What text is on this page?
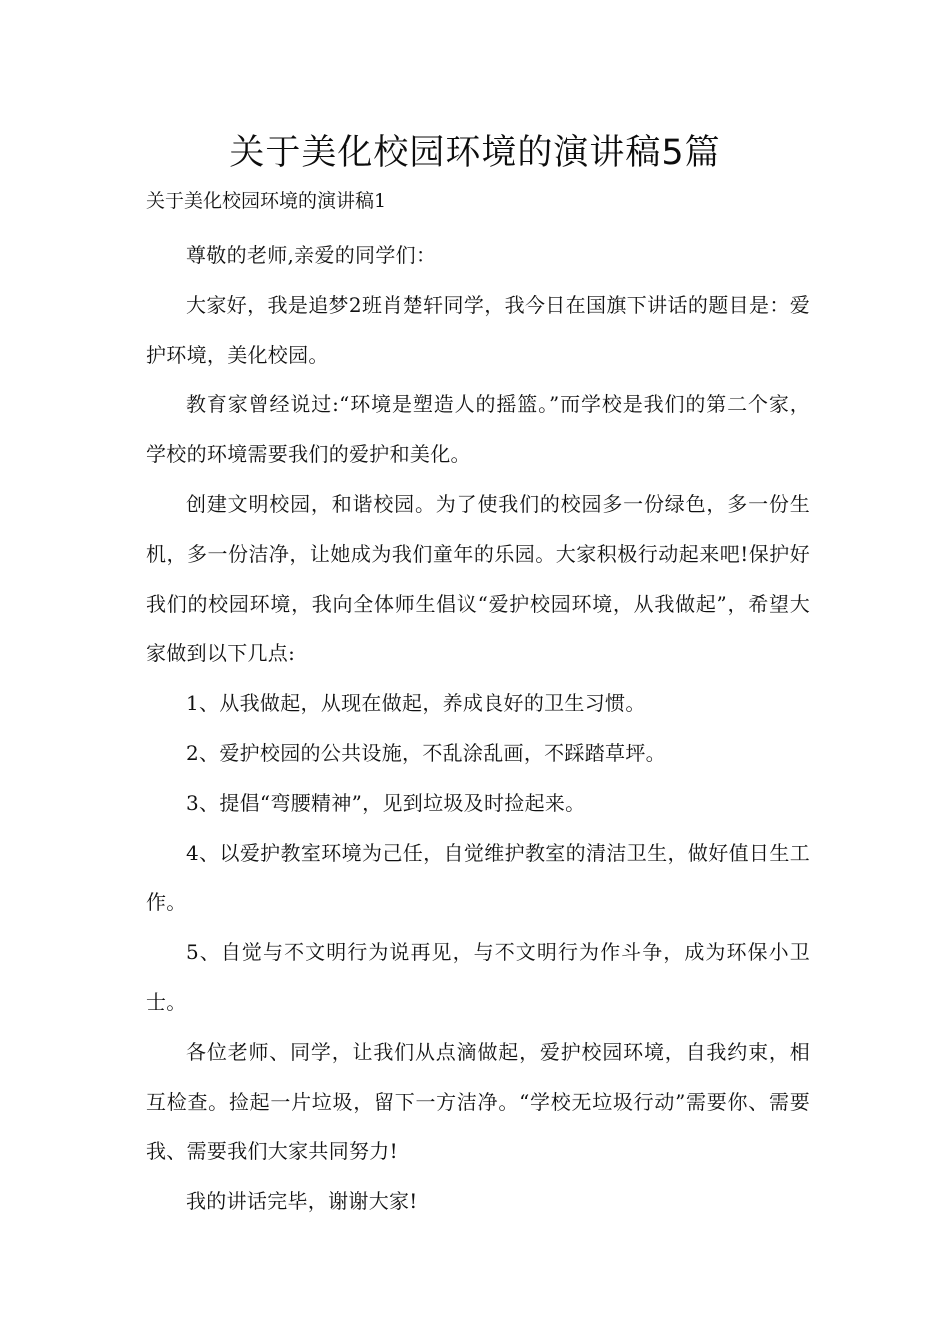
关于美化校园环境的演讲稿5篇

关于美化校园环境的演讲稿1

尊敬的老师,亲爱的同学们：

大家好，我是追梦2班肖楚轩同学，我今日在国旗下讲话的题目是：爱护环境，美化校园。

教育家曾经说过:“环境是塑造人的摇篮。”而学校是我们的第二个家，学校的环境需要我们的爱护和美化。

创建文明校园，和谐校园。为了使我们的校园多一份绿色，多一份生机，多一份洁净，让她成为我们童年的乐园。大家积极行动起来吧!保护好我们的校园环境，我向全体师生倡议“爱护校园环境，从我做起”，希望大家做到以下几点:

1、从我做起，从现在做起，养成良好的卫生习惯。

2、爱护校园的公共设施，不乱涂乱画，不踩踏草坪。

3、提倡“弯腰精神”，见到垃圾及时捡起来。

4、以爱护教室环境为己任，自觉维护教室的清洁卫生，做好值日生工作。

5、自觉与不文明行为说再见，与不文明行为作斗争，成为环保小卫士。

各位老师、同学，让我们从点滴做起，爱护校园环境，自我约束，相互检查。捡起一片垃圾，留下一方洁净。“学校无垃圾行动”需要你、需要我、需要我们大家共同努力!

我的讲话完毕，谢谢大家!
